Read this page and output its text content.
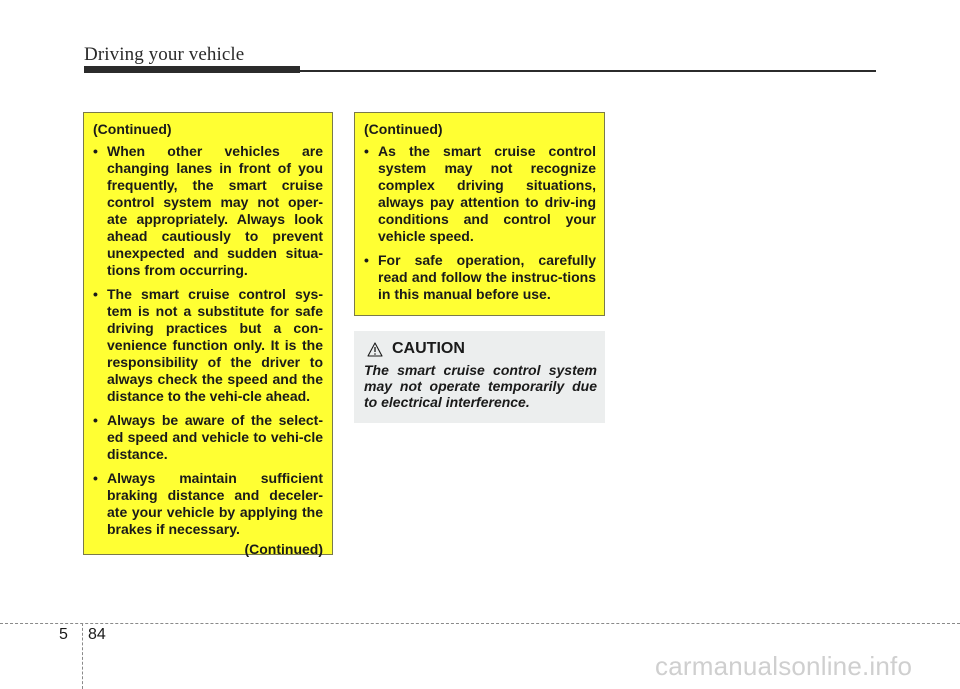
Driving your vehicle
(Continued)
• When other vehicles are changing lanes in front of you frequently, the smart cruise control system may not oper-ate appropriately. Always look ahead cautiously to prevent unexpected and sudden situa-tions from occurring.
• The smart cruise control sys-tem is not a substitute for safe driving practices but a con-venience function only. It is the responsibility of the driver to always check the speed and the distance to the vehi-cle ahead.
• Always be aware of the select-ed speed and vehicle to vehi-cle distance.
• Always maintain sufficient braking distance and deceler-ate your vehicle by applying the brakes if necessary.
(Continued)
(Continued)
• As the smart cruise control system may not recognize complex driving situations, always pay attention to driv-ing conditions and control your vehicle speed.
• For safe operation, carefully read and follow the instruc-tions in this manual before use.
CAUTION
The smart cruise control system may not operate temporarily due to electrical interference.
5 84
carmanualsonline.info
